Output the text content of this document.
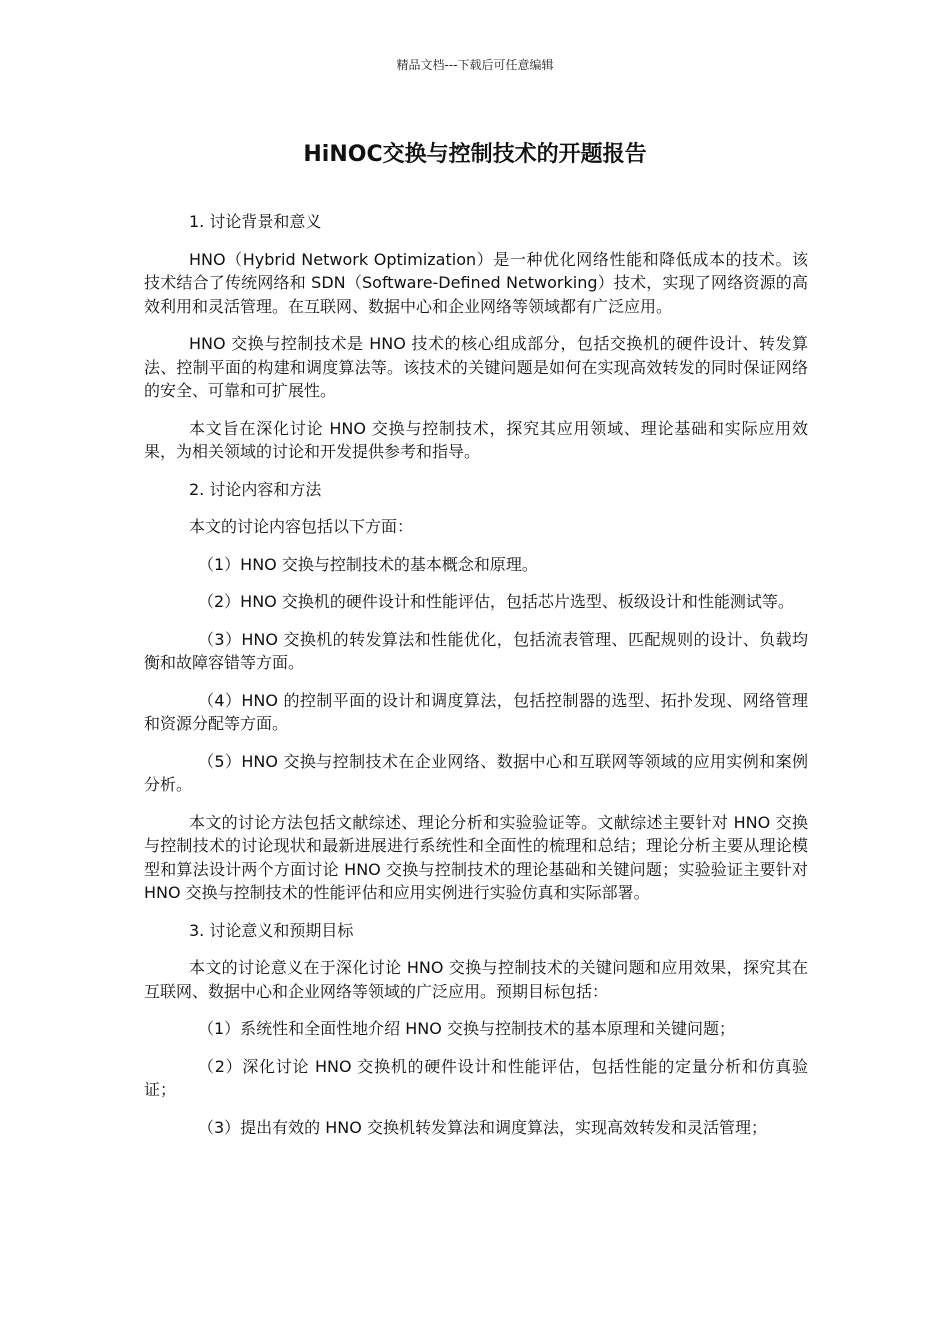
精品文档---下载后可任意编辑
HiNOC交换与控制技术的开题报告

1. 讨论背景和意义

HNO（Hybrid Network Optimization）是一种优化网络性能和降低成本的技术。该技术结合了传统网络和 SDN（Software-Defined Networking）技术，实现了网络资源的高效利用和灵活管理。在互联网、数据中心和企业网络等领域都有广泛应用。

HNO 交换与控制技术是 HNO 技术的核心组成部分，包括交换机的硬件设计、转发算法、控制平面的构建和调度算法等。该技术的关键问题是如何在实现高效转发的同时保证网络的安全、可靠和可扩展性。

本文旨在深化讨论 HNO 交换与控制技术，探究其应用领域、理论基础和实际应用效果，为相关领域的讨论和开发提供参考和指导。

2. 讨论内容和方法

本文的讨论内容包括以下方面：

（1）HNO 交换与控制技术的基本概念和原理。

（2）HNO 交换机的硬件设计和性能评估，包括芯片选型、板级设计和性能测试等。

（3）HNO 交换机的转发算法和性能优化，包括流表管理、匹配规则的设计、负载均衡和故障容错等方面。

（4）HNO 的控制平面的设计和调度算法，包括控制器的选型、拓扑发现、网络管理和资源分配等方面。

（5）HNO 交换与控制技术在企业网络、数据中心和互联网等领域的应用实例和案例分析。

本文的讨论方法包括文献综述、理论分析和实验验证等。文献综述主要针对 HNO 交换与控制技术的讨论现状和最新进展进行系统性和全面性的梳理和总结；理论分析主要从理论模型和算法设计两个方面讨论 HNO 交换与控制技术的理论基础和关键问题；实验验证主要针对 HNO 交换与控制技术的性能评估和应用实例进行实验仿真和实际部署。

3. 讨论意义和预期目标

本文的讨论意义在于深化讨论 HNO 交换与控制技术的关键问题和应用效果，探究其在互联网、数据中心和企业网络等领域的广泛应用。预期目标包括：

（1）系统性和全面性地介绍 HNO 交换与控制技术的基本原理和关键问题；

（2）深化讨论 HNO 交换机的硬件设计和性能评估，包括性能的定量分析和仿真验证；

（3）提出有效的 HNO 交换机转发算法和调度算法，实现高效转发和灵活管理；
